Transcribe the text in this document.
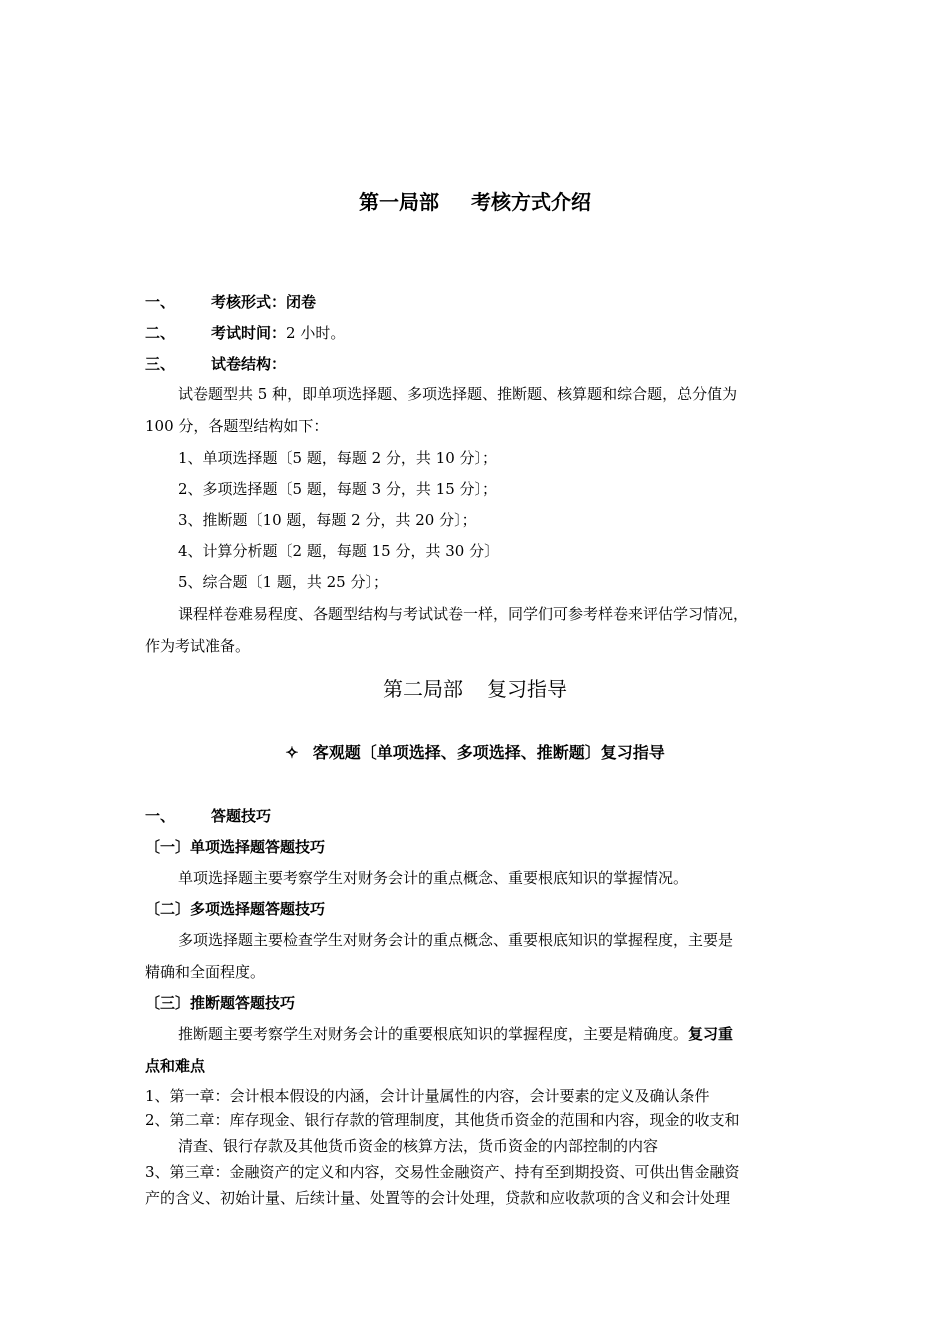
第一局部 考核方式介绍
一、 考核形式：闭卷
二、 考试时间：2 小时。
三、 试卷结构：
试卷题型共 5 种，即单项选择题、多项选择题、推断题、核算题和综合题，总分值为
100 分，各题型结构如下：
1、单项选择题〔5 题，每题 2 分，共 10 分〕；
2、多项选择题〔5 题，每题 3 分，共 15 分〕；
3、推断题〔10 题，每题 2 分，共 20 分〕；
4、计算分析题〔2 题，每题 15 分，共 30 分〕
5、综合题〔1 题，共 25 分〕；
课程样卷难易程度、各题型结构与考试试卷一样，同学们可参考样卷来评估学习情况，
作为考试准备。
第二局部 复习指导
✧ 客观题〔单项选择、多项选择、推断题〕复习指导
一、 答题技巧
〔一〕单项选择题答题技巧
单项选择题主要考察学生对财务会计的重点概念、重要根底知识的掌握情况。
〔二〕多项选择题答题技巧
多项选择题主要检查学生对财务会计的重点概念、重要根底知识的掌握程度，主要是
精确和全面程度。
〔三〕推断题答题技巧
推断题主要考察学生对财务会计的重要根底知识的掌握程度，主要是精确度。复习重
点和难点
1、第一章：会计根本假设的内涵，会计计量属性的内容，会计要素的定义及确认条件
2、第二章：库存现金、银行存款的管理制度，其他货币资金的范围和内容，现金的收支和
清查、银行存款及其他货币资金的核算方法，货币资金的内部控制的内容
3、第三章：金融资产的定义和内容，交易性金融资产、持有至到期投资、可供出售金融资
产的含义、初始计量、后续计量、处置等的会计处理，贷款和应收款项的含义和会计处理
